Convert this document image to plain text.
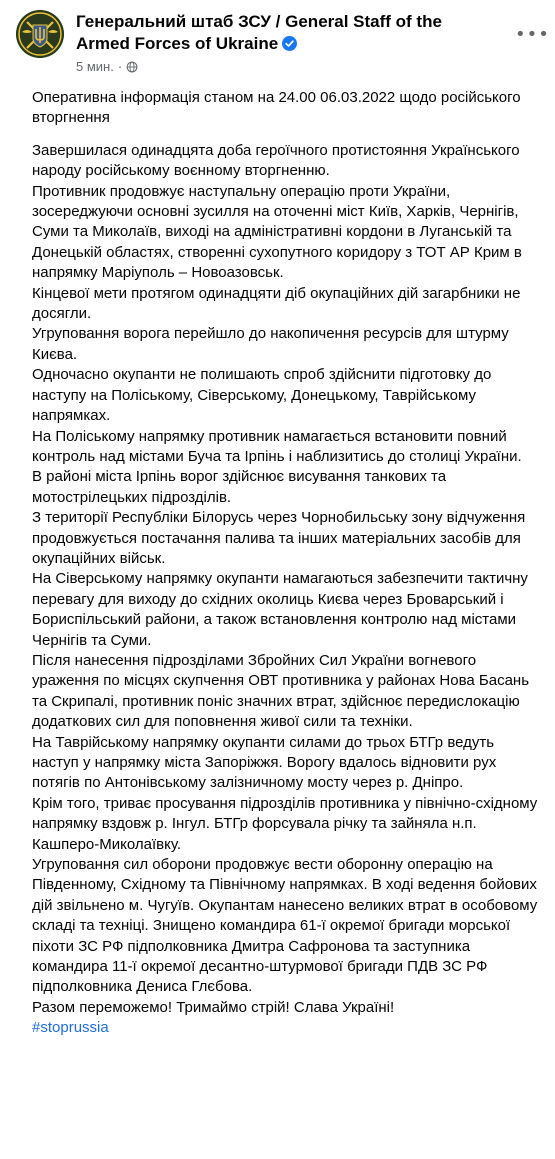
Генеральний штаб ЗСУ / General Staff of the Armed Forces of Ukraine
5 мин. ·
•••

Оперативна інформація станом на 24.00 06.03.2022 щодо російського вторгнення

Завершилася одинадцята доба героїчного протистояння Українського народу російському воєнному вторгненню.

Противник продовжує наступальну операцію проти України, зосереджуючи основні зусилля на оточенні міст Київ, Харків, Чернігів, Суми та Миколаїв, виході на адміністративні кордони в Луганській та Донецькій областях, створенні сухопутного коридору з ТОТ АР Крим в напрямку Маріуполь – Новоазовськ.

Кінцевої мети протягом одинадцяти діб окупаційних дій загарбники не досягли.

Угруповання ворога перейшло до накопичення ресурсів для штурму Києва.

Одночасно окупанти не полишають спроб здійснити підготовку до наступу на Поліському, Сіверському, Донецькому, Таврійському напрямках.

На Поліському напрямку противник намагається встановити повний контроль над містами Буча та Ірпінь і наблизитись до столиці України.

В районі міста Ірпінь ворог здійснює висування танкових та мотострілецьких підрозділів.

З території Республіки Білорусь через Чорнобильську зону відчуження продовжується постачання палива та інших матеріальних засобів для окупаційних військ.

На Сіверському напрямку окупанти намагаються забезпечити тактичну перевагу для виходу до східних околиць Києва через Броварський і Бориспільський райони, а також встановлення контролю над містами Чернігів та Суми.

Після нанесення підрозділами Збройних Сил України вогневого ураження по місцях скупчення ОВТ противника у районах Нова Басань та Скрипалі, противник поніс значних втрат, здійснює передислокацію додаткових сил для поповнення живої сили та техніки.

На Таврійському напрямку окупанти силами до трьох БТГр ведуть наступ у напрямку міста Запоріжжя. Ворогу вдалось відновити рух потягів по Антонівському залізничному мосту через р. Дніпро.

Крім того, триває просування підрозділів противника у північно-східному напрямку вздовж р. Інгул. БТГр форсувала річку та зайняла н.п. Кашперо-Миколаївку.

Угруповання сил оборони продовжує вести оборонну операцію на Південному, Східному та Північному напрямках. В ході ведення бойових дій звільнено м. Чугуїв. Окупантам нанесено великих втрат в особовому складі та техніці. Знищено командира 61-ї окремої бригади морської піхоти ЗС РФ підполковника Дмитра Сафронова та заступника командира 11-ї окремої десантно-штурмової бригади ПДВ ЗС РФ підполковника Дениса Глєбова.

Разом переможемо! Тримаймо стрій! Слава Україні!

#stoprussia
